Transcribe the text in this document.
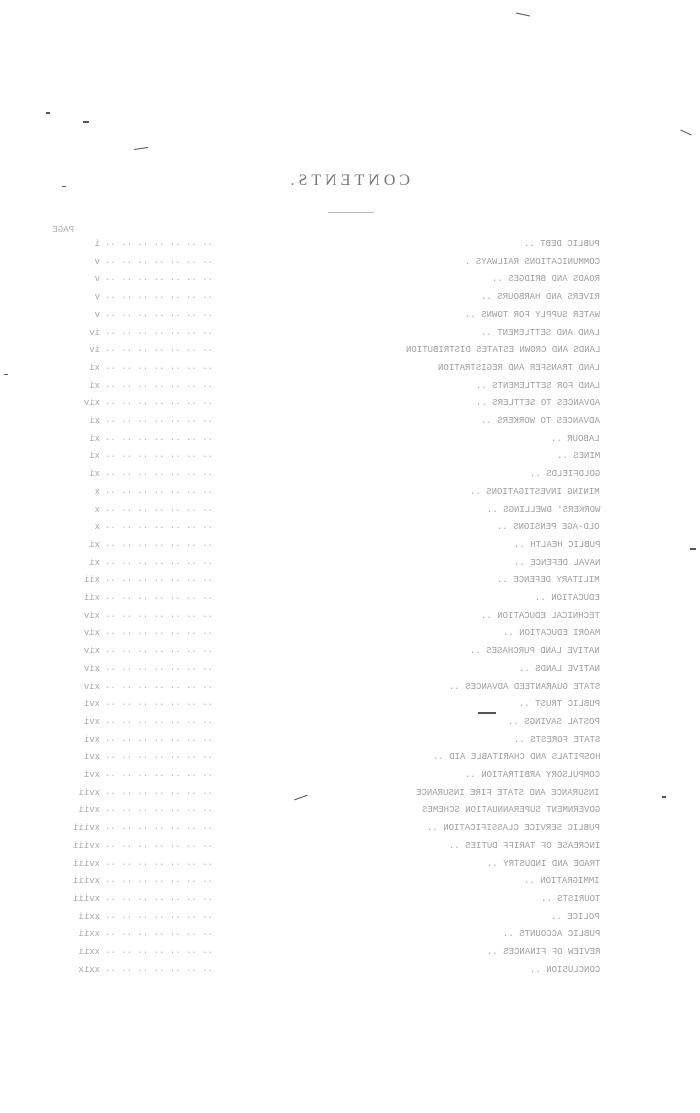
CONTENTS.
PAGE
i .. .. .. .. .. .. ..	PUBLIC DEBT ..
v .. .. .. .. .. .. ..	COMMUNICATIONS RAILWAYS .
v .. .. .. .. .. .. ..	ROADS AND BRIDGES ..
v .. .. .. .. .. .. ..	RIVERS AND HARBOURS ..
v .. .. .. .. .. .. ..	WATER SUPPLY FOR TOWNS ..
iv .. .. .. .. .. .. ..	LAND AND SETTLEMENT ..
iv .. .. .. .. .. .. ..	LANDS AND CROWN ESTATES DISTRIBUTION
xi .. .. .. .. .. .. ..	LAND TRANSFER AND REGISTRATION
xi .. .. .. .. .. .. ..	LAND FOR SETTLEMENTS ..
xiv .. .. .. .. .. .. ..	ADVANCES TO SETTLERS ..
xi .. .. .. .. .. .. ..	ADVANCES TO WORKERS ..
xi .. .. .. .. .. .. ..	LABOUR ..
xi .. .. .. .. .. .. ..	MINES ..
xi .. .. .. .. .. .. ..	GOLDFIELDS ..
x .. .. .. .. .. .. ..	MINING INVESTIGATIONS ..
x .. .. .. .. .. .. ..	WORKERS' DWELLINGS ..
x .. .. .. .. .. .. ..	OLD-AGE PENSIONS ..
xi .. .. .. .. .. .. ..	PUBLIC HEALTH ..
xi .. .. .. .. .. .. ..	NAVAL DEFENCE ..
xii .. .. .. .. .. .. ..	MILITARY DEFENCE ..
xii .. .. .. .. .. .. ..	EDUCATION ..
xiv .. .. .. .. .. .. ..	TECHNICAL EDUCATION ..
xiv .. .. .. .. .. .. ..	MAORI EDUCATION ..
xiv .. .. .. .. .. .. ..	NATIVE LAND PURCHASES ..
xiv .. .. .. .. .. .. ..	NATIVE LANDS ..
xiv .. .. .. .. .. .. ..	STATE GUARANTEED ADVANCES ..
xvi .. .. .. .. .. .. ..	PUBLIC TRUST ..
xvi .. .. .. .. .. .. ..	POSTAL SAVINGS ..
xvi .. .. .. .. .. .. ..	STATE FORESTS ..
xvi .. .. .. .. .. .. ..	HOSPITALS AND CHARITABLE AID ..
xvi .. .. .. .. .. .. ..	COMPULSORY ARBITRATION ..
xvii .. .. .. .. .. .. ..	INSURANCE AND STATE FIRE INSURANCE
xvii .. .. .. .. .. .. ..	GOVERNMENT SUPERANNUATION SCHEMES
xviii .. .. .. .. .. .. ..	PUBLIC SERVICE CLASSIFICATION ..
xviii .. .. .. .. .. .. ..	INCREASE OF TARIFF DUTIES ..
xviii .. .. .. .. .. .. ..	TRADE AND INDUSTRY ..
xviii .. .. .. .. .. .. ..	IMMIGRATION ..
xviii .. .. .. .. .. .. ..	TOURISTS ..
xxii .. .. .. .. .. .. ..	POLICE ..
xxii .. .. .. .. .. .. ..	PUBLIC ACCOUNTS ..
xxii .. .. .. .. .. .. ..	REVIEW OF FINANCES ..
xxix .. .. .. .. .. .. ..	CONCLUSION ..
